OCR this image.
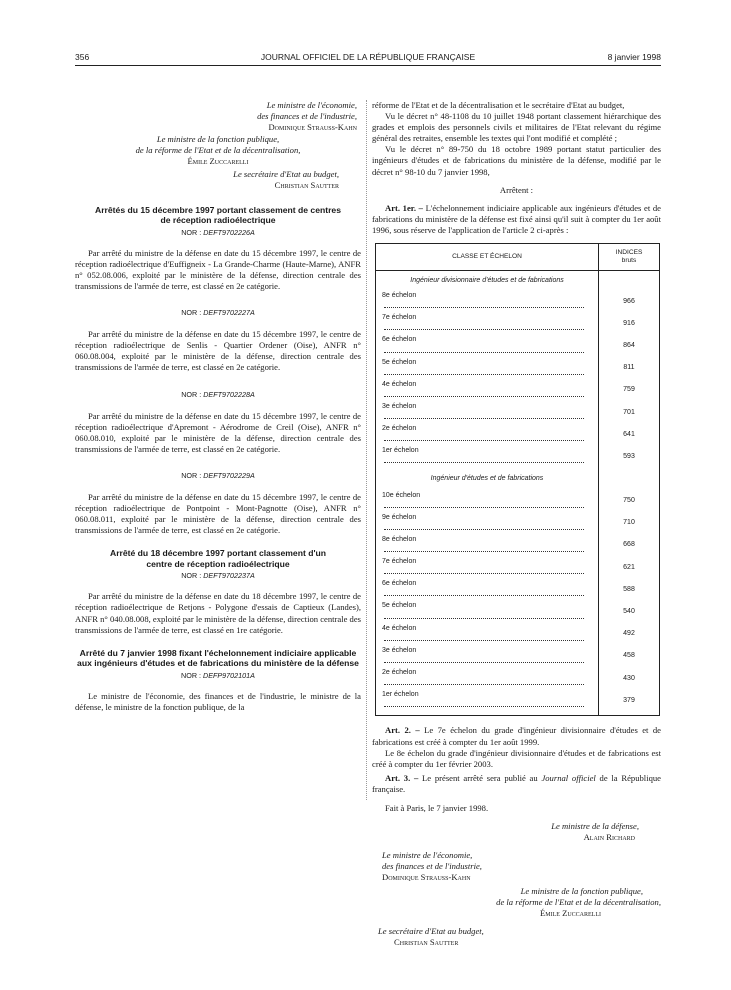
356	JOURNAL OFFICIEL DE LA RÉPUBLIQUE FRANÇAISE	8 janvier 1998

Le ministre de l'économie,

des finances et de l'industrie,

Dominique Strauss-Kahn

Le ministre de la fonction publique,

de la réforme de l'Etat et de la décentralisation,

Émile Zuccarelli

Le secrétaire d'Etat au budget,

Christian Sautter

Arrêtés du 15 décembre 1997 portant classement de centres de réception radioélectrique
NOR : DEFT9702226A

Par arrêté du ministre de la défense en date du 15 décembre 1997, le centre de réception radioélectrique d'Euffigneix - La Grande-Charme (Haute-Marne), ANFR n° 052.08.006, exploité par le ministère de la défense, direction centrale des transmissions de l'armée de terre, est classé en 2e catégorie.

NOR : DEFT9702227A

Par arrêté du ministre de la défense en date du 15 décembre 1997, le centre de réception radioélectrique de Senlis - Quartier Ordener (Oise), ANFR n° 060.08.004, exploité par le ministère de la défense, direction centrale des transmissions de l'armée de terre, est classé en 2e catégorie.

NOR : DEFT9702228A

Par arrêté du ministre de la défense en date du 15 décembre 1997, le centre de réception radioélectrique d'Apremont - Aérodrome de Creil (Oise), ANFR n° 060.08.010, exploité par le ministère de la défense, direction centrale des transmissions de l'armée de terre, est classé en 2e catégorie.

NOR : DEFT9702229A

Par arrêté du ministre de la défense en date du 15 décembre 1997, le centre de réception radioélectrique de Pontpoint - Mont-Pagnotte (Oise), ANFR n° 060.08.011, exploité par le ministère de la défense, direction centrale des transmissions de l'armée de terre, est classé en 2e catégorie.

Arrêté du 18 décembre 1997 portant classement d'un centre de réception radioélectrique
NOR : DEFT9702237A

Par arrêté du ministre de la défense en date du 18 décembre 1997, le centre de réception radioélectrique de Retjons - Polygone d'essais de Captieux (Landes), ANFR n° 040.08.008, exploité par le ministère de la défense, direction centrale des transmissions de l'armée de terre, est classé en 1re catégorie.

Arrêté du 7 janvier 1998 fixant l'échelonnement indiciaire applicable aux ingénieurs d'études et de fabrications du ministère de la défense
NOR : DEFP9702101A

Le ministre de l'économie, des finances et de l'industrie, le ministre de la défense, le ministre de la fonction publique, de la

réforme de l'Etat et de la décentralisation et le secrétaire d'Etat au budget,

Vu le décret n° 48-1108 du 10 juillet 1948 portant classement hiérarchique des grades et emplois des personnels civils et militaires de l'Etat relevant du régime général des retraites, ensemble les textes qui l'ont modifié et complété ;

Vu le décret n° 89-750 du 18 octobre 1989 portant statut particulier des ingénieurs d'études et de fabrications du ministère de la défense, modifié par le décret n° 98-10 du 7 janvier 1998,

Arrêtent :

Art. 1er. – L'échelonnement indiciaire applicable aux ingénieurs d'études et de fabrications du ministère de la défense est fixé ainsi qu'il suit à compter du 1er août 1996, sous réserve de l'application de l'article 2 ci-après :

CLASSE ET ÉCHELON	INDICES
bruts
Ingénieur divisionnaire d'études et de fabrications	
8e échelon	966
7e échelon	916
6e échelon	864
5e échelon	811
4e échelon	759
3e échelon	701
2e échelon	641
1er échelon	593
Ingénieur d'études et de fabrications	
10e échelon	750
9e échelon	710
8e échelon	668
7e échelon	621
6e échelon	588
5e échelon	540
4e échelon	492
3e échelon	458
2e échelon	430
1er échelon	379

Art. 2. – Le 7e échelon du grade d'ingénieur divisionnaire d'études et de fabrications est créé à compter du 1er août 1999.

Le 8e échelon du grade d'ingénieur divisionnaire d'études et de fabrications est créé à compter du 1er février 2003.

Art. 3. – Le présent arrêté sera publié au Journal officiel de la République française.

Fait à Paris, le 7 janvier 1998.

Le ministre de la défense,

Alain Richard

Le ministre de l'économie,

des finances et de l'industrie,

Dominique Strauss-Kahn

Le ministre de la fonction publique,

de la réforme de l'Etat et de la décentralisation,

Émile Zuccarelli

Le secrétaire d'Etat au budget,

Christian Sautter
